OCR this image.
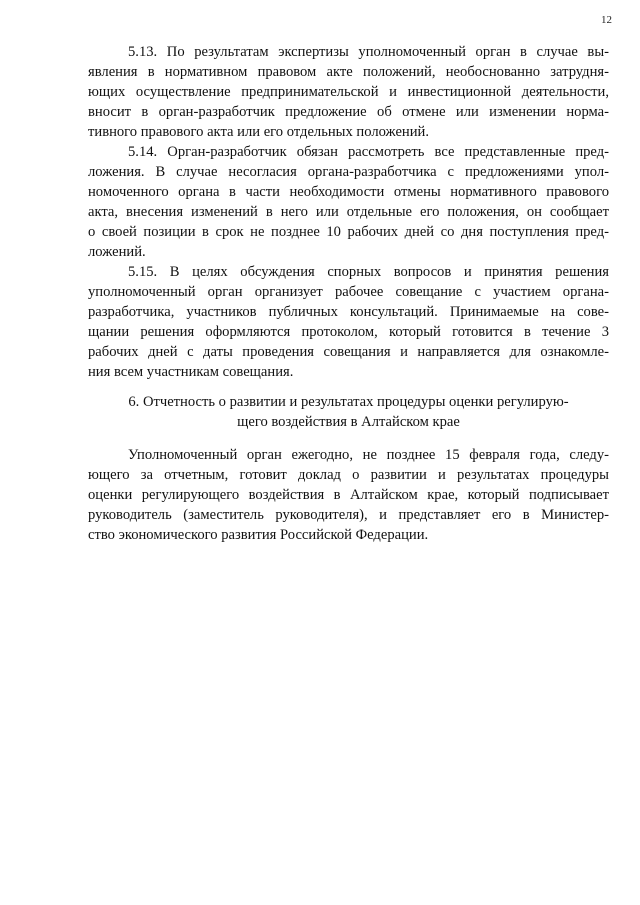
12
5.13. По результатам экспертизы уполномоченный орган в случае вы-
явления в нормативном правовом акте положений, необоснованно затрудня-
ющих осуществление предпринимательской и инвестиционной деятельности,
вносит в орган-разработчик предложение об отмене или изменении норма-
тивного правового акта или его отдельных положений.
5.14. Орган-разработчик обязан рассмотреть все представленные пред-
ложения. В случае несогласия органа-разработчика с предложениями упол-
номоченного органа в части необходимости отмены нормативного правового
акта, внесения изменений в него или отдельные его положения, он сообщает
о своей позиции в срок не позднее 10 рабочих дней со дня поступления пред-
ложений.
5.15. В целях обсуждения спорных вопросов и принятия решения
уполномоченный орган организует рабочее совещание с участием органа-
разработчика, участников публичных консультаций. Принимаемые на сове-
щании решения оформляются протоколом, который готовится в течение 3
рабочих дней с даты проведения совещания и направляется для ознакомле-
ния всем участникам совещания.
6. Отчетность о развитии и результатах процедуры оценки регулирую-
щего воздействия в Алтайском крае
Уполномоченный орган ежегодно, не позднее 15 февраля года, следу-
ющего за отчетным, готовит доклад о развитии и результатах процедуры
оценки регулирующего воздействия в Алтайском крае, который подписывает
руководитель (заместитель руководителя), и представляет его в Министер-
ство экономического развития Российской Федерации.
